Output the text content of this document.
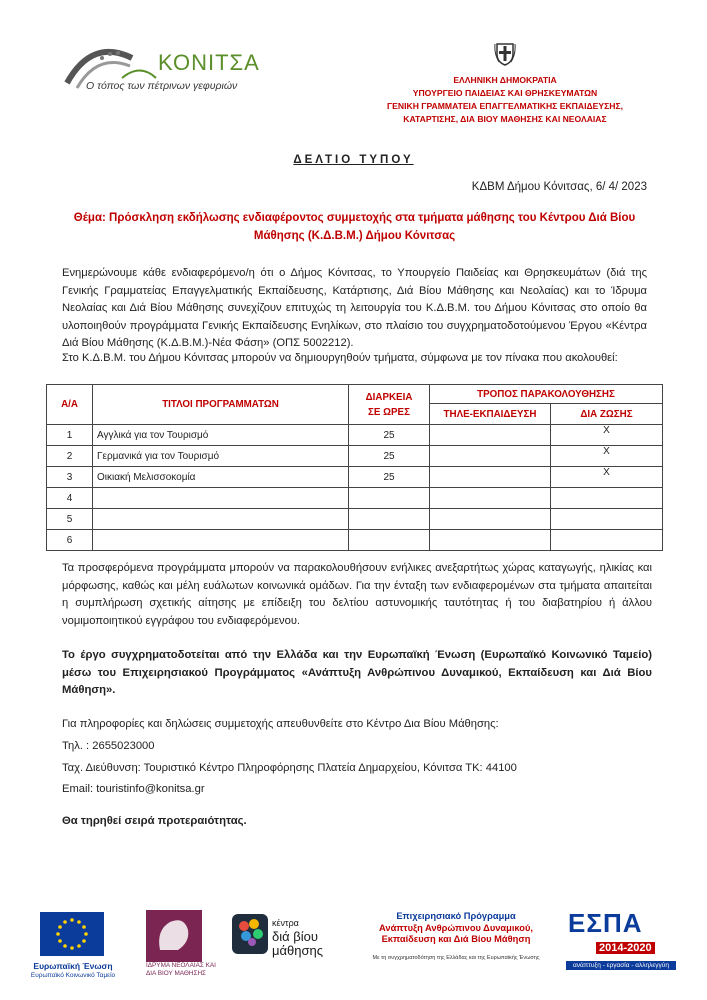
ΚΟΝΙΤΣΑ
Ο τόπος των πέτρινων γεφυριών	ΕΛΛΗΝΙΚΗ ΔΗΜΟΚΡΑΤΙΑ
ΥΠΟΥΡΓΕΙΟ ΠΑΙΔΕΙΑΣ ΚΑΙ ΘΡΗΣΚΕΥΜΑΤΩΝ
ΓΕΝΙΚΗ ΓΡΑΜΜΑΤΕΙΑ ΕΠΑΓΓΕΛΜΑΤΙΚΗΣ ΕΚΠΑΙΔΕΥΣΗΣ,
ΚΑΤΑΡΤΙΣΗΣ, ΔΙΑ ΒΙΟΥ ΜΑΘΗΣΗΣ ΚΑΙ ΝΕΟΛΑΙΑΣ
ΔΕΛΤΙΟ ΤΥΠΟΥ
ΚΔΒΜ Δήμου Κόνιτσας, 6/ 4/ 2023
Θέμα: Πρόσκληση εκδήλωσης ενδιαφέροντος συμμετοχής στα τμήματα μάθησης του Κέντρου Διά Βίου Μάθησης (Κ.Δ.Β.Μ.) Δήμου Κόνιτσας
Ενημερώνουμε κάθε ενδιαφερόμενο/η ότι ο Δήμος Κόνιτσας, το Υπουργείο Παιδείας και Θρησκευμάτων (διά της Γενικής Γραμματείας Επαγγελματικής Εκπαίδευσης, Κατάρτισης, Διά Βίου Μάθησης και Νεολαίας) και το Ίδρυμα Νεολαίας και Διά Βίου Μάθησης συνεχίζουν επιτυχώς τη λειτουργία του Κ.Δ.Β.Μ. του Δήμου Κόνιτσας στο οποίο θα υλοποιηθούν προγράμματα Γενικής Εκπαίδευσης Ενηλίκων, στο πλαίσιο του συγχρηματοδοτούμενου Έργου «Κέντρα Διά Βίου Μάθησης (Κ.Δ.Β.Μ.)-Νέα Φάση» (ΟΠΣ 5002212).
Στο Κ.Δ.Β.Μ. του Δήμου Κόνιτσας μπορούν να δημιουργηθούν τμήματα, σύμφωνα με τον πίνακα που ακολουθεί:
Α/Α	ΤΙΤΛΟΙ ΠΡΟΓΡΑΜΜΑΤΩΝ	ΔΙΑΡΚΕΙΑ
ΣΕ ΩΡΕΣ	ΤΡΟΠΟΣ ΠΑΡΑΚΟΛΟΥΘΗΣΗΣ	
			ΤΗΛΕ-ΕΚΠΑΙΔΕΥΣΗ	ΔΙΑ ΖΩΣΗΣ
1	Αγγλικά για τον Τουρισμό	25		Χ
2	Γερμανικά για τον Τουρισμό	25		Χ
3	Οικιακή Μελισσοκομία	25		Χ
4				
5				
6				
Τα προσφερόμενα προγράμματα μπορούν να παρακολουθήσουν ενήλικες ανεξαρτήτως χώρας καταγωγής, ηλικίας και μόρφωσης, καθώς και μέλη ευάλωτων κοινωνικά ομάδων. Για την ένταξη των ενδιαφερομένων στα τμήματα απαιτείται η συμπλήρωση σχετικής αίτησης με επίδειξη του δελτίου αστυνομικής ταυτότητας ή του διαβατηρίου ή άλλου νομιμοποιητικού εγγράφου του ενδιαφερόμενου.
Το έργο συγχρηματοδοτείται από την Ελλάδα και την Ευρωπαϊκή Ένωση (Ευρωπαϊκό Κοινωνικό Ταμείο) μέσω του Επιχειρησιακού Προγράμματος «Ανάπτυξη Ανθρώπινου Δυναμικού, Εκπαίδευση και Διά Βίου Μάθηση».
Για πληροφορίες και δηλώσεις συμμετοχής απευθυνθείτε στο Κέντρο Δια Βίου Μάθησης:
Τηλ. : 2655023000
Ταχ. Διεύθυνση: Τουριστικό Κέντρο Πληροφόρησης Πλατεία Δημαρχείου, Κόνιτσα ΤΚ: 44100
Email: touristinfo@konitsa.gr
Θα τηρηθεί σειρά προτεραιότητας.
Ευρωπαϊκή Ένωση
Ευρωπαϊκό Κοινωνικό Ταμείο
ΙΔΡΥΜΑ ΝΕΟΛΑΙΑΣ ΚΑΙ ΔΙΑ ΒΙΟΥ ΜΑΘΗΣΗΣ
κέντρα
διά βίου
μάθησης
Επιχειρησιακό Πρόγραμμα
Ανάπτυξη Ανθρώπινου Δυναμικού,
Εκπαίδευση και Διά Βίου Μάθηση
Με τη συγχρηματοδότηση της Ελλάδας και της Ευρωπαϊκής Ένωσης
ΕΣΠΑ
2014-2020
ανάπτυξη - εργασία - αλληλεγγύη
